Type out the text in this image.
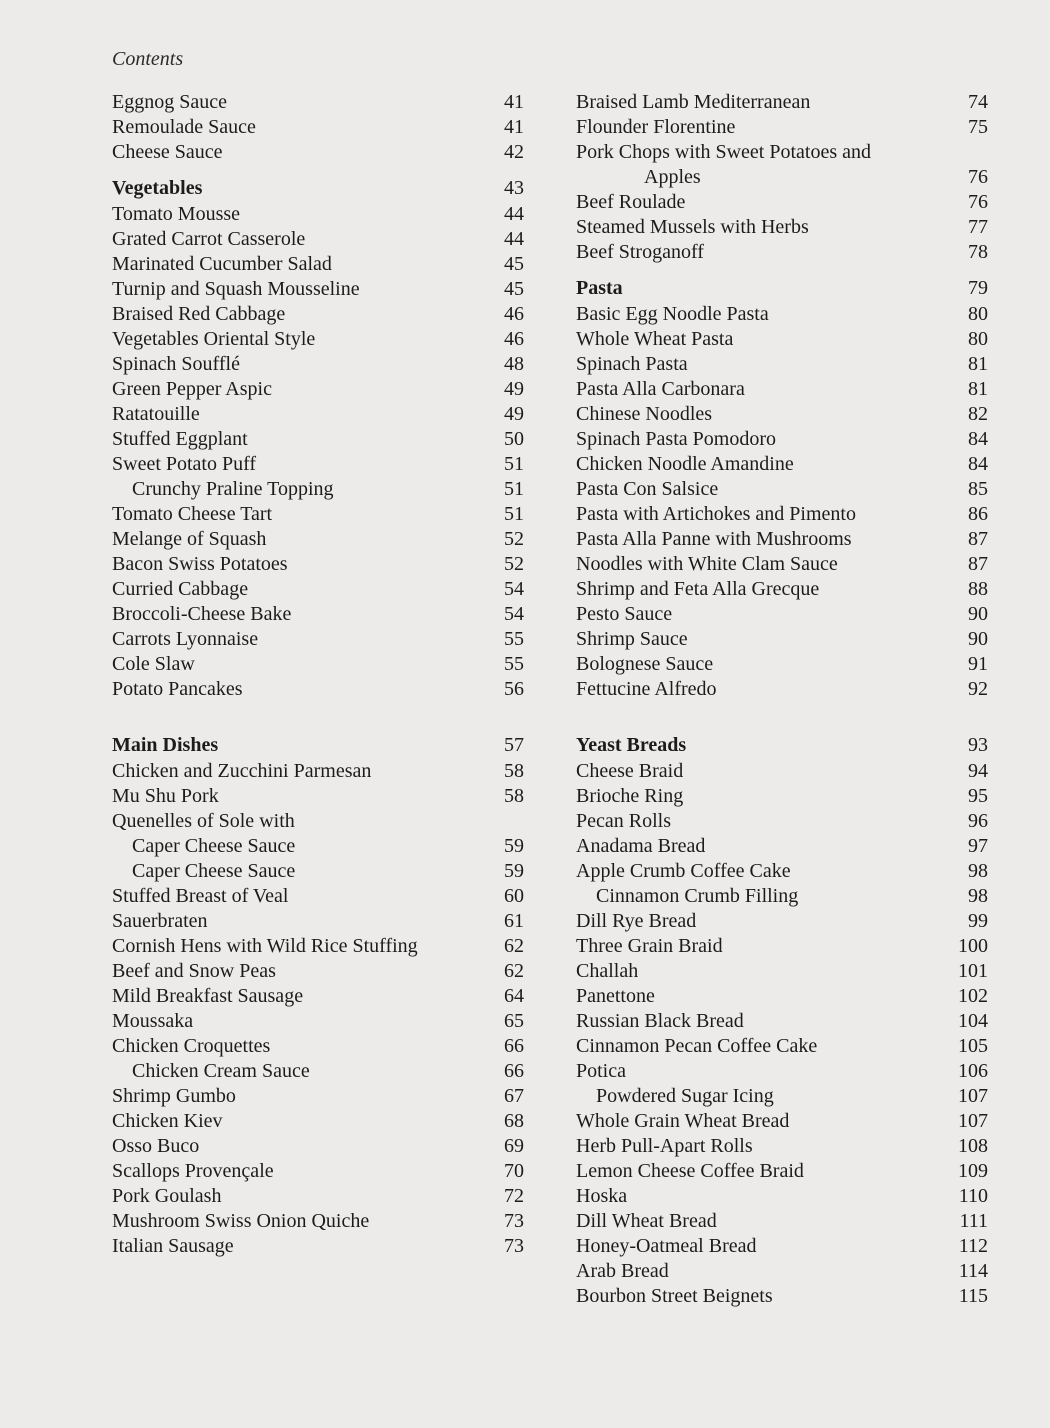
Contents
Eggnog Sauce	41
Remoulade Sauce	41
Cheese Sauce	42
Vegetables	43
Tomato Mousse	44
Grated Carrot Casserole	44
Marinated Cucumber Salad	45
Turnip and Squash Mousseline	45
Braised Red Cabbage	46
Vegetables Oriental Style	46
Spinach Soufflé	48
Green Pepper Aspic	49
Ratatouille	49
Stuffed Eggplant	50
Sweet Potato Puff	51
Crunchy Praline Topping	51
Tomato Cheese Tart	51
Melange of Squash	52
Bacon Swiss Potatoes	52
Curried Cabbage	54
Broccoli-Cheese Bake	54
Carrots Lyonnaise	55
Cole Slaw	55
Potato Pancakes	56
Main Dishes	57
Chicken and Zucchini Parmesan	58
Mu Shu Pork	58
Quenelles of Sole with
Caper Cheese Sauce	59
Caper Cheese Sauce	59
Stuffed Breast of Veal	60
Sauerbraten	61
Cornish Hens with Wild Rice Stuffing	62
Beef and Snow Peas	62
Mild Breakfast Sausage	64
Moussaka	65
Chicken Croquettes	66
Chicken Cream Sauce	66
Shrimp Gumbo	67
Chicken Kiev	68
Osso Buco	69
Scallops Provençale	70
Pork Goulash	72
Mushroom Swiss Onion Quiche	73
Italian Sausage	73
Braised Lamb Mediterranean	74
Flounder Florentine	75
Pork Chops with Sweet Potatoes and
Apples	76
Beef Roulade	76
Steamed Mussels with Herbs	77
Beef Stroganoff	78
Pasta	79
Basic Egg Noodle Pasta	80
Whole Wheat Pasta	80
Spinach Pasta	81
Pasta Alla Carbonara	81
Chinese Noodles	82
Spinach Pasta Pomodoro	84
Chicken Noodle Amandine	84
Pasta Con Salsice	85
Pasta with Artichokes and Pimento	86
Pasta Alla Panne with Mushrooms	87
Noodles with White Clam Sauce	87
Shrimp and Feta Alla Grecque	88
Pesto Sauce	90
Shrimp Sauce	90
Bolognese Sauce	91
Fettucine Alfredo	92
Yeast Breads	93
Cheese Braid	94
Brioche Ring	95
Pecan Rolls	96
Anadama Bread	97
Apple Crumb Coffee Cake	98
Cinnamon Crumb Filling	98
Dill Rye Bread	99
Three Grain Braid	100
Challah	101
Panettone	102
Russian Black Bread	104
Cinnamon Pecan Coffee Cake	105
Potica	106
Powdered Sugar Icing	107
Whole Grain Wheat Bread	107
Herb Pull-Apart Rolls	108
Lemon Cheese Coffee Braid	109
Hoska	110
Dill Wheat Bread	111
Honey-Oatmeal Bread	112
Arab Bread	114
Bourbon Street Beignets	115
